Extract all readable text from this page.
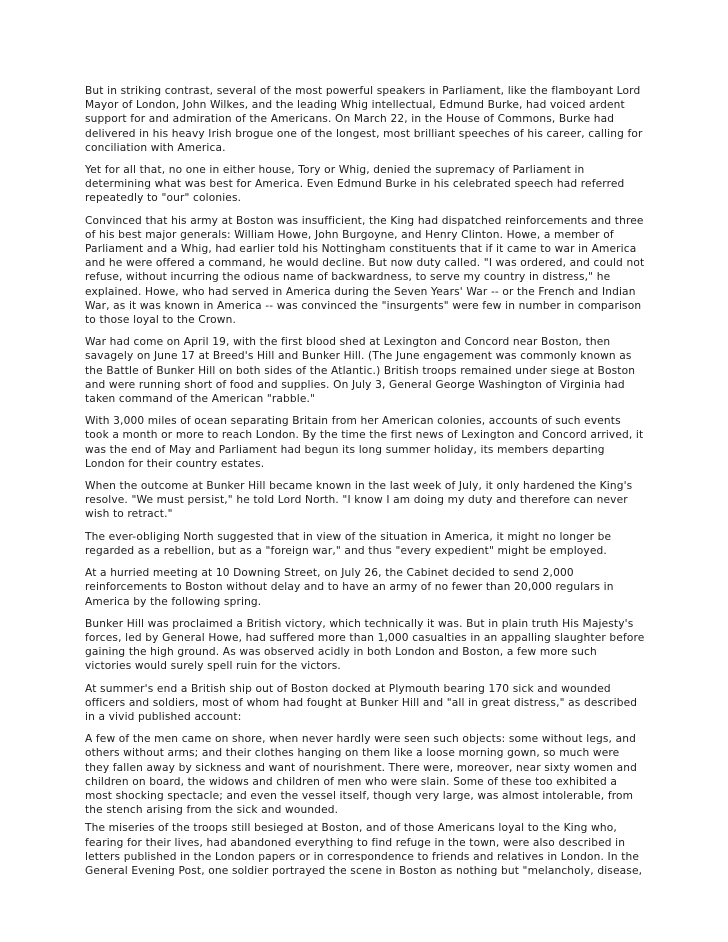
But in striking contrast, several of the most powerful speakers in Parliament, like the flamboyant Lord Mayor of London, John Wilkes, and the leading Whig intellectual, Edmund Burke, had voiced ardent support for and admiration of the Americans. On March 22, in the House of Commons, Burke had delivered in his heavy Irish brogue one of the longest, most brilliant speeches of his career, calling for conciliation with America.

Yet for all that, no one in either house, Tory or Whig, denied the supremacy of Parliament in determining what was best for America. Even Edmund Burke in his celebrated speech had referred repeatedly to "our" colonies.

Convinced that his army at Boston was insufficient, the King had dispatched reinforcements and three of his best major generals: William Howe, John Burgoyne, and Henry Clinton. Howe, a member of Parliament and a Whig, had earlier told his Nottingham constituents that if it came to war in America and he were offered a command, he would decline. But now duty called. "I was ordered, and could not refuse, without incurring the odious name of backwardness, to serve my country in distress," he explained. Howe, who had served in America during the Seven Years' War -- or the French and Indian War, as it was known in America -- was convinced the "insurgents" were few in number in comparison to those loyal to the Crown.

War had come on April 19, with the first blood shed at Lexington and Concord near Boston, then savagely on June 17 at Breed's Hill and Bunker Hill. (The June engagement was commonly known as the Battle of Bunker Hill on both sides of the Atlantic.) British troops remained under siege at Boston and were running short of food and supplies. On July 3, General George Washington of Virginia had taken command of the American "rabble."

With 3,000 miles of ocean separating Britain from her American colonies, accounts of such events took a month or more to reach London. By the time the first news of Lexington and Concord arrived, it was the end of May and Parliament had begun its long summer holiday, its members departing London for their country estates.

When the outcome at Bunker Hill became known in the last week of July, it only hardened the King's resolve. "We must persist," he told Lord North. "I know I am doing my duty and therefore can never wish to retract."

The ever-obliging North suggested that in view of the situation in America, it might no longer be regarded as a rebellion, but as a "foreign war," and thus "every expedient" might be employed.

At a hurried meeting at 10 Downing Street, on July 26, the Cabinet decided to send 2,000 reinforcements to Boston without delay and to have an army of no fewer than 20,000 regulars in America by the following spring.

Bunker Hill was proclaimed a British victory, which technically it was. But in plain truth His Majesty's forces, led by General Howe, had suffered more than 1,000 casualties in an appalling slaughter before gaining the high ground. As was observed acidly in both London and Boston, a few more such victories would surely spell ruin for the victors.

At summer's end a British ship out of Boston docked at Plymouth bearing 170 sick and wounded officers and soldiers, most of whom had fought at Bunker Hill and "all in great distress," as described in a vivid published account:

A few of the men came on shore, when never hardly were seen such objects: some without legs, and others without arms; and their clothes hanging on them like a loose morning gown, so much were they fallen away by sickness and want of nourishment. There were, moreover, near sixty women and children on board, the widows and children of men who were slain. Some of these too exhibited a most shocking spectacle; and even the vessel itself, though very large, was almost intolerable, from the stench arising from the sick and wounded.

The miseries of the troops still besieged at Boston, and of those Americans loyal to the King who, fearing for their lives, had abandoned everything to find refuge in the town, were also described in letters published in the London papers or in correspondence to friends and relatives in London. In the General Evening Post, one soldier portrayed the scene in Boston as nothing but "melancholy, disease,
